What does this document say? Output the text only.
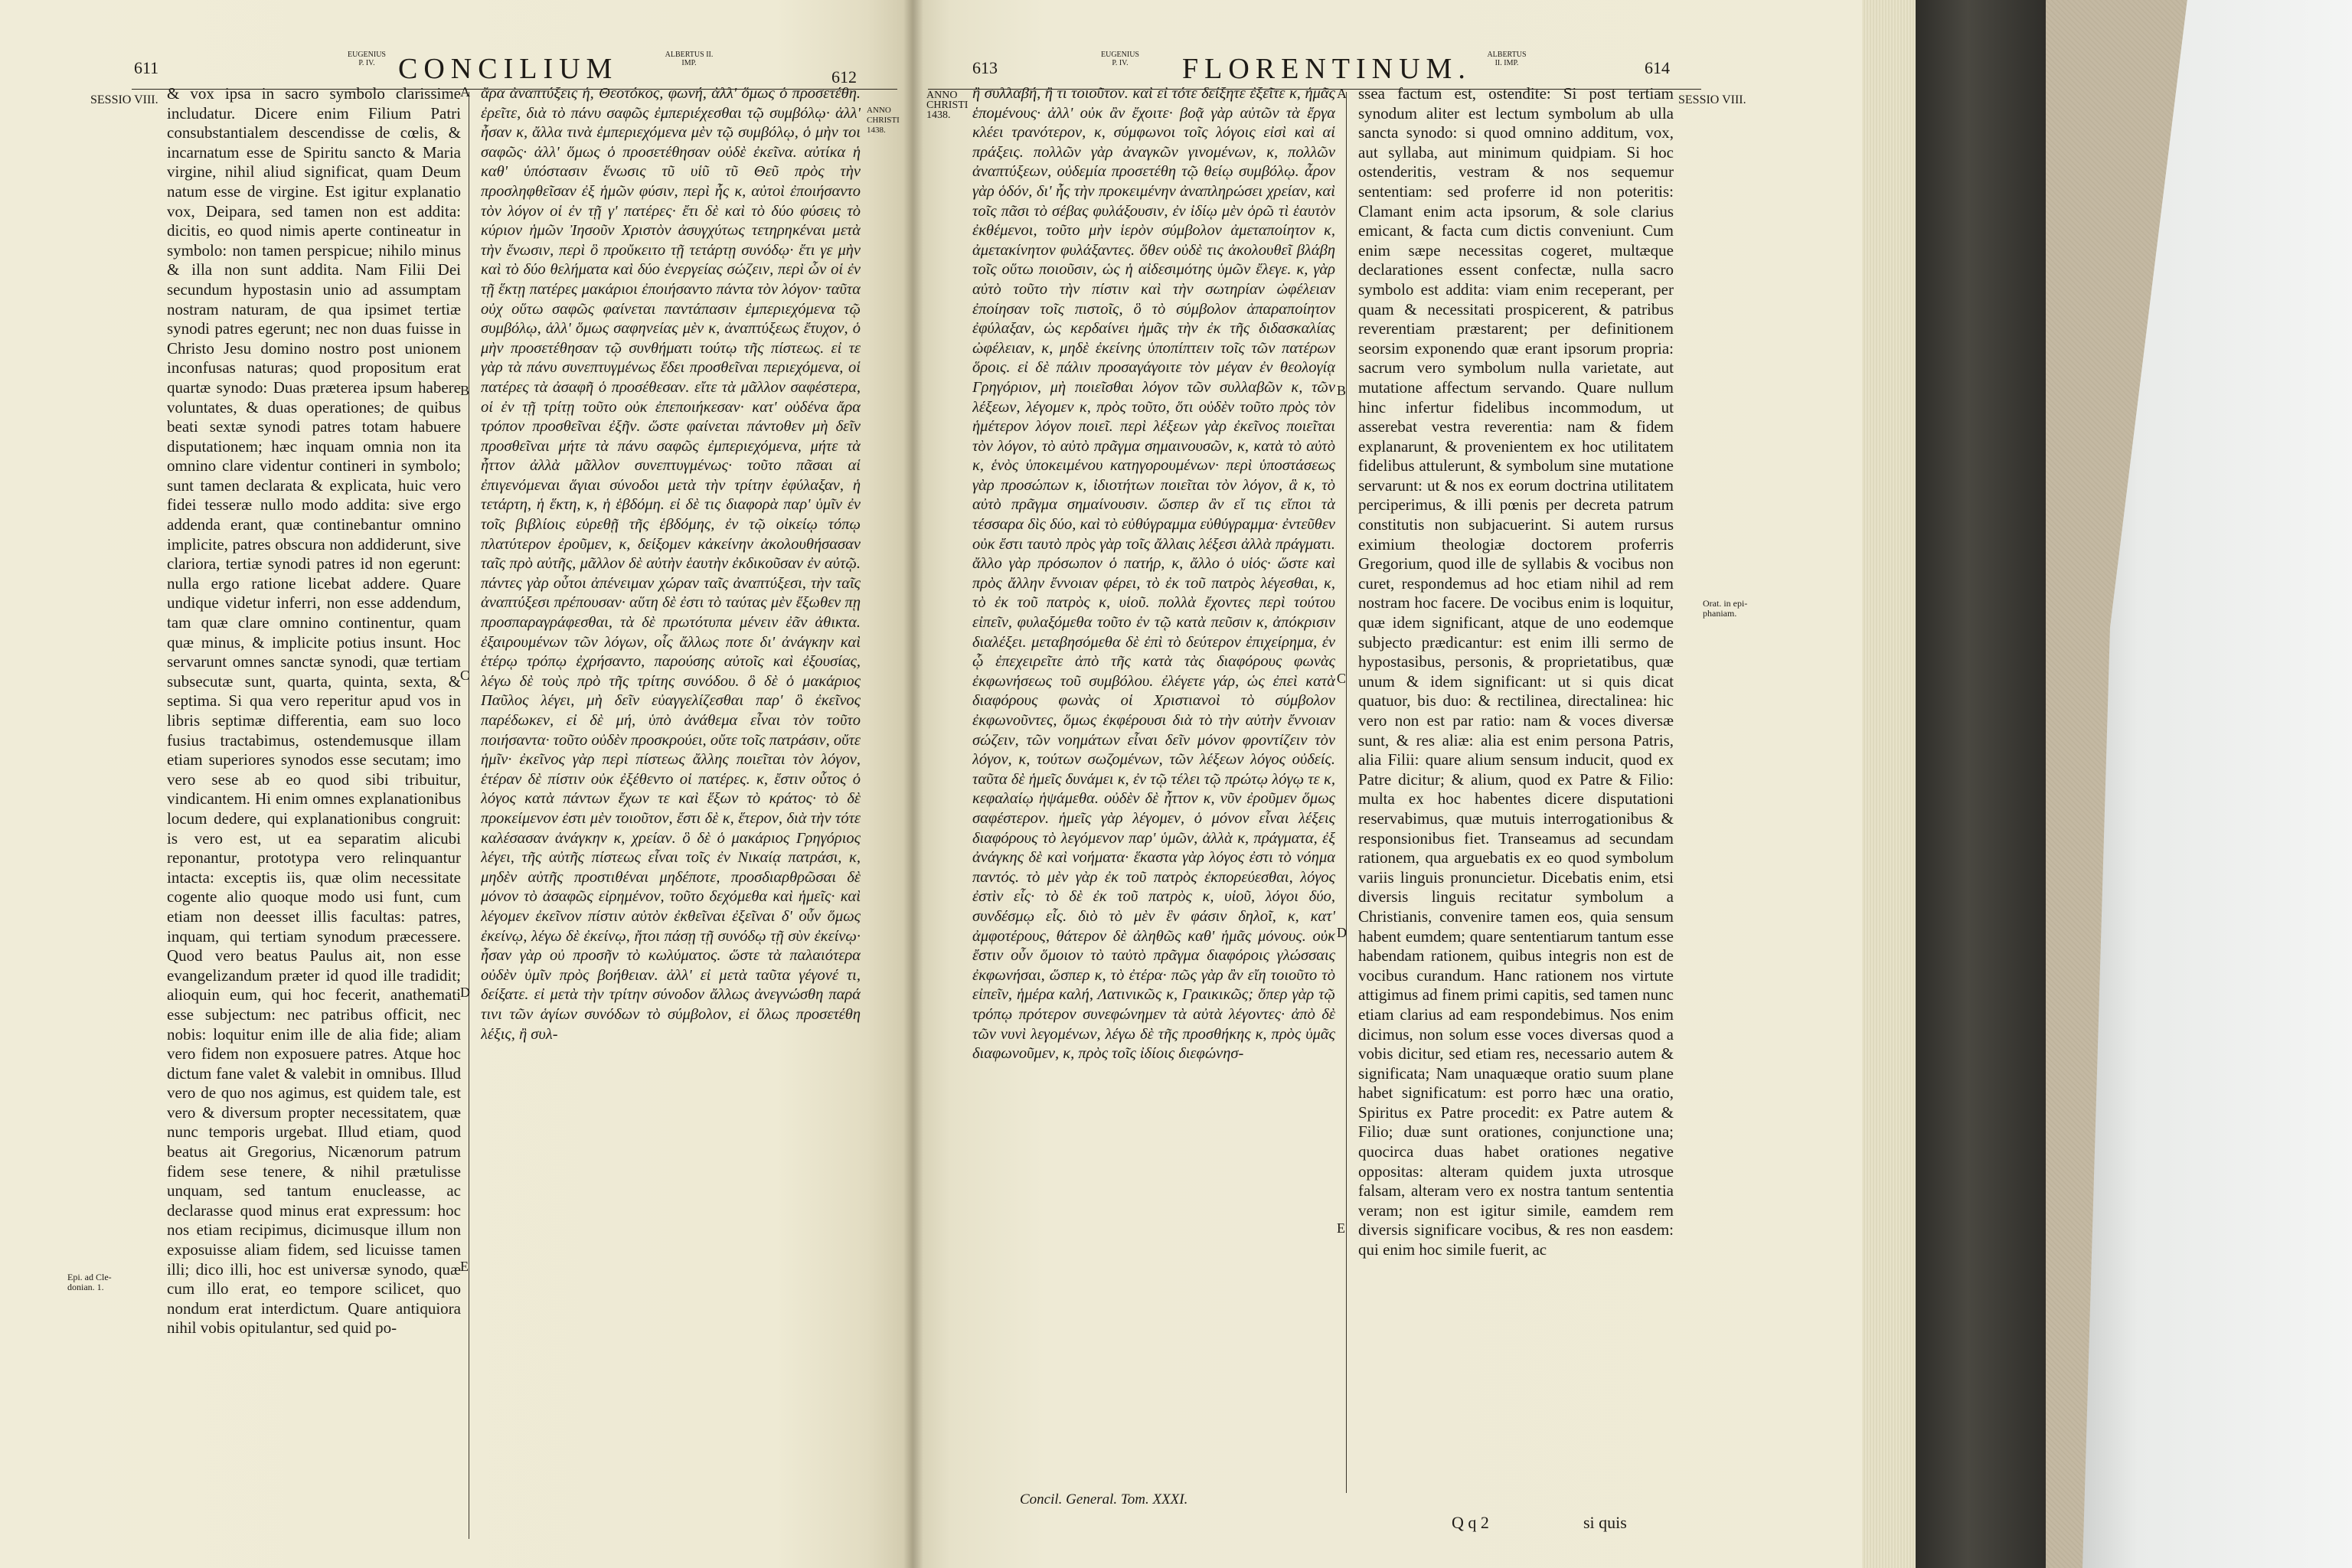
611
EUGENIUS
P. IV. CONCILIUM	ALBERTUS II.
IMP.
612
SESSIO VIII.
Epi. ad Cle-
donian. 1.
ANNO
CHRISTI
1438.

& vox ipsa in sacro symbolo clarissime includatur. Dicere enim Filium Patri consubstantialem descendisse de cœlis, & incarnatum esse de Spiritu sancto & Maria virgine, nihil aliud significat, quam Deum natum esse de virgine. Est igitur explanatio vox, Deipara, sed tamen non est addita: dicitis, eo quod nimis aperte contineatur in symbolo: non tamen perspicue; nihilo minus & illa non sunt addita. Nam Filii Dei secundum hypostasin unio ad assumptam nostram naturam, de qua ipsimet tertiæ synodi patres egerunt; nec non duas fuisse in Christo Jesu domino nostro post unionem inconfusas naturas; quod propositum erat quartæ synodo: Duas præterea ipsum habere voluntates, & duas operationes; de quibus beati sextæ synodi patres totam habuere disputationem; hæc inquam omnia non ita omnino clare videntur contineri in symbolo; sunt tamen declarata & explicata, huic vero fidei tesseræ nullo modo addita: sive ergo addenda erant, quæ continebantur omnino implicite, patres obscura non addiderunt, sive clariora, tertiæ synodi patres id non egerunt: nulla ergo ratione licebat addere. Quare undique videtur inferri, non esse addendum, tam quæ clare omnino continentur, quam quæ minus, & implicite potius insunt. Hoc servarunt omnes sanctæ synodi, quæ tertiam subsecutæ sunt, quarta, quinta, sexta, & septima. Si qua vero reperitur apud vos in libris septimæ differentia, eam suo loco fusius tractabimus, ostendemusque illam etiam superiores synodos esse secutam; imo vero sese ab eo quod sibi tribuitur, vindicantem. Hi enim omnes explanationibus locum dedere, qui explanationibus congruit: is vero est, ut ea separatim alicubi reponantur, prototypa vero relinquantur intacta: exceptis iis, quæ olim necessitate cogente alio quoque modo usi funt, cum etiam non deesset illis facultas: patres, inquam, qui tertiam synodum præcessere. Quod vero beatus Paulus ait, non esse evangelizandum præter id quod ille tradidit; alioquin eum, qui hoc fecerit, anathemati esse subjectum: nec patribus officit, nec nobis: loquitur enim ille de alia fide; aliam vero fidem non exposuere patres. Atque hoc dictum fane valet & valebit in omnibus. Illud vero de quo nos agimus, est quidem tale, est vero & diversum propter necessitatem, quæ nunc temporis urgebat. Illud etiam, quod beatus ait Gregorius, Nicænorum patrum fidem sese tenere, & nihil prætulisse unquam, sed tantum enucleasse, ac declarasse quod minus erat expressum: hoc nos etiam recipimus, dicimusque illum non exposuisse aliam fidem, sed licuisse tamen illi; dico illi, hoc est universæ synodo, quæ cum illo erat, eo tempore scilicet, quo nondum erat interdictum. Quare antiquiora nihil vobis opitulantur, sed quid po-

A
B
C
D
E

ἄρα ἀναπτύξεις ἡ, Θεοτόκος, φωνή, ἀλλ' ὅμως ὁ προσετέθη. ἐρεῖτε, διὰ τὸ πάνυ σαφῶς ἐμπεριέχεσθαι τῷ συμβόλῳ· ἀλλ' ἦσαν κ, ἄλλα τινὰ ἐμπεριεχόμενα μὲν τῷ συμβόλῳ, ὁ μὴν τοι σαφῶς· ἀλλ' ὅμως ὁ προσετέθησαν οὐδὲ ἐκεῖνα. αὐτίκα ἡ καθ' ὑπόστασιν ἕνωσις τῦ υἱῦ τῦ Θεῦ πρὸς τὴν προσληφθεῖσαν ἐξ ἡμῶν φύσιν, περὶ ἧς κ, αὐτοὶ ἐποιήσαντο τὸν λόγον οἱ ἐν τῇ γ' πατέρες· ἔτι δὲ καὶ τὸ δύο φύσεις τὸ κύριον ἡμῶν Ἰησοῦν Χριστὸν ἀσυγχύτως τετηρηκέναι μετὰ τὴν ἕνωσιν, περὶ ὃ προὔκειτο τῇ τετάρτῃ συνόδῳ· ἔτι γε μὴν καὶ τὸ δύο θελήματα καὶ δύο ἐνεργείας σώζειν, περὶ ὧν οἱ ἐν τῇ ἕκτῃ πατέρες μακάριοι ἐποιήσαντο πάντα τὸν λόγον· ταῦτα οὐχ οὕτω σαφῶς φαίνεται παντάπασιν ἐμπεριεχόμενα τῷ συμβόλῳ, ἀλλ' ὅμως σαφηνείας μὲν κ, ἀναπτύξεως ἔτυχον, ὁ μὴν προσετέθησαν τῷ συνθήματι τούτῳ τῆς πίστεως. εἰ τε γὰρ τὰ πάνυ συνεπτυγμένως ἔδει προσθεῖναι περιεχόμενα, οἱ πατέρες τὰ ἀσαφῆ ὁ προσέθεσαν. εἴτε τὰ μᾶλλον σαφέστερα, οἱ ἐν τῇ τρίτῃ τοῦτο οὐκ ἐπεποιήκεσαν· κατ' οὐδένα ἄρα τρόπον προσθεῖναι ἐξῆν. ὥστε φαίνεται πάντοθεν μὴ δεῖν προσθεῖναι μήτε τὰ πάνυ σαφῶς ἐμπεριεχόμενα, μήτε τὰ ἧττον ἀλλὰ μᾶλλον συνεπτυγμένως· τοῦτο πᾶσαι αἱ ἐπιγενόμεναι ἅγιαι σύνοδοι μετὰ τὴν τρίτην ἐφύλαξαν, ἡ τετάρτη, ἡ ἕκτη, κ, ἡ ἑβδόμη. εἰ δὲ τις διαφορὰ παρ' ὑμῖν ἐν τοῖς βιβλίοις εὑρεθῇ τῆς ἑβδόμης, ἐν τῷ οἰκείῳ τόπῳ πλατύτερον ἐροῦμεν, κ, δείξομεν κἀκείνην ἀκολουθήσασαν ταῖς πρὸ αὐτῆς, μᾶλλον δὲ αὐτὴν ἑαυτὴν ἐκδικοῦσαν ἐν αὐτῷ. πάντες γὰρ οὗτοι ἀπένειμαν χώραν ταῖς ἀναπτύξεσι, τὴν ταῖς ἀναπτύξεσι πρέπουσαν· αὕτη δὲ ἐστι τὸ ταύτας μὲν ἔξωθεν πῃ προσπαραγράφεσθαι, τὰ δὲ πρωτότυπα μένειν ἐᾶν ἀθικτα. ἐξαιρουμένων τῶν λόγων, οἷς ἄλλως ποτε δι' ἀνάγκην καὶ ἑτέρῳ τρόπῳ ἐχρήσαντο, παρούσης αὐτοῖς καὶ ἐξουσίας, λέγω δὲ τοὺς πρὸ τῆς τρίτης συνόδου. ὃ δὲ ὁ μακάριος Παῦλος λέγει, μὴ δεῖν εὐαγγελίζεσθαι παρ' ὃ ἐκεῖνος παρέδωκεν, εἰ δὲ μή, ὑπὸ ἀνάθεμα εἶναι τὸν τοῦτο ποιήσαντα· τοῦτο οὐδὲν προσκρούει, οὔτε τοῖς πατράσιν, οὔτε ἡμῖν· ἐκεῖνος γὰρ περὶ πίστεως ἄλλης ποιεῖται τὸν λόγον, ἑτέραν δὲ πίστιν οὐκ ἐξέθεντο οἱ πατέρες. κ, ἔστιν οὗτος ὁ λόγος κατὰ πάντων ἔχων τε καὶ ἕξων τὸ κράτος· τὸ δὲ προκείμενον ἐστι μὲν τοιοῦτον, ἔστι δὲ κ, ἕτερον, διὰ τὴν τότε καλέσασαν ἀνάγκην κ, χρείαν. ὃ δὲ ὁ μακάριος Γρηγόριος λέγει, τῆς αὐτῆς πίστεως εἶναι τοῖς ἐν Νικαίᾳ πατράσι, κ, μηδὲν αὐτῆς προστιθέναι μηδέποτε, προσδιαρθρῶσαι δὲ μόνον τὸ ἀσαφῶς εἰρημένον, τοῦτο δεχόμεθα καὶ ἡμεῖς· καὶ λέγομεν ἐκεῖνον πίστιν αὐτὸν ἐκθεῖναι ἐξεῖναι δ' οὖν ὅμως ἐκείνῳ, λέγω δὲ ἐκείνῳ, ἤτοι πάσῃ τῇ συνόδῳ τῇ σὺν ἐκείνῳ· ἦσαν γὰρ οὐ προσῆν τὸ κωλύματος. ὥστε τὰ παλαιότερα οὐδὲν ὑμῖν πρὸς βοήθειαν. ἀλλ' εἰ μετὰ ταῦτα γέγονέ τι, δείξατε. εἰ μετὰ τὴν τρίτην σύνοδον ἄλλως ἀνεγνώσθη παρά τινι τῶν ἁγίων συνόδων τὸ σύμβολον, εἰ ὅλως προσετέθη λέξις, ἢ συλ-

613
EUGENIUS
P. IV.	FLORENTINUM.	ALBERTUS
II. IMP.	614
ANNO
CHRISTI
1438.
SESSIO VIII.
Orat. in epi-
phaniam.

ἢ συλλαβή, ἢ τι τοιοῦτον. καὶ εἰ τότε δείξητε ἐξεῖτε κ, ἡμᾶς ἑπομένους· ἀλλ' οὐκ ἂν ἔχοιτε· βοᾷ γὰρ αὐτῶν τὰ ἔργα κλέει τρανότερον, κ, σύμφωνοι τοῖς λόγοις εἰσὶ καὶ αἱ πράξεις. πολλῶν γὰρ ἀναγκῶν γινομένων, κ, πολλῶν ἀναπτύξεων, οὐδεμία προσετέθη τῷ θείῳ συμβόλῳ. ἆρον γὰρ ὁδόν, δι' ἧς τὴν προκειμένην ἀναπληρώσει χρείαν, καὶ τοῖς πᾶσι τὸ σέβας φυλάξουσιν, ἐν ἰδίῳ μὲν ὁρῶ τὶ ἑαυτὸν ἐκθέμενοι, τοῦτο μὴν ἱερὸν σύμβολον ἀμεταποίητον κ, ἀμετακίνητον φυλάξαντες. ὅθεν οὐδὲ τις ἀκολουθεῖ βλάβη τοῖς οὕτω ποιοῦσιν, ὡς ἡ αἰδεσιμότης ὑμῶν ἔλεγε. κ, γὰρ αὐτὸ τοῦτο τὴν πίστιν καὶ τὴν σωτηρίαν ὠφέλειαν ἐποίησαν τοῖς πιστοῖς, ὃ τὸ σύμβολον ἀπαραποίητον ἐφύλαξαν, ὡς κερδαίνει ἡμᾶς τὴν ἐκ τῆς διδασκαλίας ὠφέλειαν, κ, μηδὲ ἐκείνης ὑποπίπτειν τοῖς τῶν πατέρων ὅροις. εἰ δὲ πάλιν προσαγάγοιτε τὸν μέγαν ἐν θεολογίᾳ Γρηγόριον, μὴ ποιεῖσθαι λόγον τῶν συλλαβῶν κ, τῶν λέξεων, λέγομεν κ, πρὸς τοῦτο, ὅτι οὐδὲν τοῦτο πρὸς τὸν ἡμέτερον λόγον ποιεῖ. περὶ λέξεων γὰρ ἐκεῖνος ποιεῖται τὸν λόγον, τὸ αὐτὸ πρᾶγμα σημαινουσῶν, κ, κατὰ τὸ αὐτὸ κ, ἑνὸς ὑποκειμένου κατηγορουμένων· περὶ ὑποστάσεως γὰρ προσώπων κ, ἰδιοτήτων ποιεῖται τὸν λόγον, ἃ κ, τὸ αὐτὸ πρᾶγμα σημαίνουσιν. ὥσπερ ἂν εἴ τις εἴποι τὰ τέσσαρα δὶς δύο, καὶ τὸ εὐθύγραμμα εὐθύγραμμα· ἐντεῦθεν οὐκ ἔστι ταυτὸ πρὸς γὰρ τοῖς ἄλλαις λέξεσι ἀλλὰ πράγματι. ἄλλο γὰρ πρόσωπον ὁ πατήρ, κ, ἄλλο ὁ υἱός· ὥστε καὶ πρὸς ἄλλην ἔννοιαν φέρει, τὸ ἐκ τοῦ πατρὸς λέγεσθαι, κ, τὸ ἐκ τοῦ πατρὸς κ, υἱοῦ. πολλὰ ἔχοντες περὶ τούτου εἰπεῖν, φυλαξόμεθα τοῦτο ἐν τῷ κατὰ πεῦσιν κ, ἀπόκρισιν διαλέξει. μεταβησόμεθα δὲ ἐπὶ τὸ δεύτερον ἐπιχείρημα, ἐν ᾧ ἐπεχειρεῖτε ἀπὸ τῆς κατὰ τὰς διαφόρους φωνὰς ἐκφωνήσεως τοῦ συμβόλου. ἐλέγετε γάρ, ὡς ἐπεὶ κατὰ διαφόρους φωνὰς οἱ Χριστιανοὶ τὸ σύμβολον ἐκφωνοῦντες, ὅμως ἐκφέρουσι διὰ τὸ τὴν αὐτὴν ἔννοιαν σώζειν, τῶν νοημάτων εἶναι δεῖν μόνον φροντίζειν τὸν λόγον, κ, τούτων σωζομένων, τῶν λέξεων λόγος οὐδείς. ταῦτα δὲ ἡμεῖς δυνάμει κ, ἐν τῷ τέλει τῷ πρώτῳ λόγῳ τε κ, κεφαλαίῳ ἡψάμεθα. οὐδὲν δὲ ἧττον κ, νῦν ἐροῦμεν ὅμως σαφέστερον. ἡμεῖς γὰρ λέγομεν, ὁ μόνον εἶναι λέξεις διαφόρους τὸ λεγόμενον παρ' ὑμῶν, ἀλλὰ κ, πράγματα, ἐξ ἀνάγκης δὲ καὶ νοήματα· ἕκαστα γὰρ λόγος ἐστι τὸ νόημα παντός. τὸ μὲν γὰρ ἐκ τοῦ πατρὸς ἐκπορεύεσθαι, λόγος ἐστὶν εἷς· τὸ δὲ ἐκ τοῦ πατρὸς κ, υἱοῦ, λόγοι δύο, συνδέσμῳ εἷς. διὸ τὸ μὲν ἓν φάσιν δηλοῖ, κ, κατ' ἀμφοτέρους, θάτερον δὲ ἀληθῶς καθ' ἡμᾶς μόνους. οὐκ ἔστιν οὖν ὅμοιον τὸ ταὐτὸ πρᾶγμα διαφόροις γλώσσαις ἐκφωνήσαι, ὥσπερ κ, τὸ ἐτέρα· πῶς γὰρ ἂν εἴη τοιοῦτο τὸ εἰπεῖν, ἡμέρα καλή, Λατινικῶς κ, Γραικικῶς; ὅπερ γὰρ τῷ τρόπῳ πρότερον συνεφώνημεν τὰ αὐτὰ λέγοντες· ἀπὸ δὲ τῶν νυνὶ λεγομένων, λέγω δὲ τῆς προσθήκης κ, πρὸς ὑμᾶς διαφωνοῦμεν, κ, πρὸς τοῖς ἰδίοις διεφώνησ-

A
B
C
D
E

ssea factum est, ostendite: Si post tertiam synodum aliter est lectum symbolum ab ulla sancta synodo: si quod omnino additum, vox, aut syllaba, aut minimum quidpiam. Si hoc ostenderitis, vestram & nos sequemur sententiam: sed proferre id non poteritis: Clamant enim acta ipsorum, & sole clarius emicant, & facta cum dictis conveniunt. Cum enim sæpe necessitas cogeret, multæque declarationes essent confectæ, nulla sacro symbolo est addita: viam enim receperant, per quam & necessitati prospicerent, & patribus reverentiam præstarent; per definitionem seorsim exponendo quæ erant ipsorum propria: sacrum vero symbolum nulla varietate, aut mutatione affectum servando. Quare nullum hinc infertur fidelibus incommodum, ut asserebat vestra reverentia: nam & fidem explanarunt, & provenientem ex hoc utilitatem fidelibus attulerunt, & symbolum sine mutatione servarunt: ut & nos ex eorum doctrina utilitatem perciperimus, & illi pœnis per decreta patrum constitutis non subjacuerint. Si autem rursus eximium theologiæ doctorem proferris Gregorium, quod ille de syllabis & vocibus non curet, respondemus ad hoc etiam nihil ad rem nostram hoc facere. De vocibus enim is loquitur, quæ idem significant, atque de uno eodemque subjecto prædicantur: est enim illi sermo de hypostasibus, personis, & proprietatibus, quæ unum & idem significant: ut si quis dicat quatuor, bis duo: & rectilinea, directalinea: hic vero non est par ratio: nam & voces diversæ sunt, & res aliæ: alia est enim persona Patris, alia Filii: quare alium sensum inducit, quod ex Patre dicitur; & alium, quod ex Patre & Filio: multa ex hoc habentes dicere disputationi reservabimus, quæ mutuis interrogationibus & responsionibus fiet. Transeamus ad secundam rationem, qua arguebatis ex eo quod symbolum variis linguis pronuncietur. Dicebatis enim, etsi diversis linguis recitatur symbolum a Christianis, convenire tamen eos, quia sensum habent eumdem; quare sententiarum tantum esse habendam rationem, quibus integris non est de vocibus curandum. Hanc rationem nos virtute attigimus ad finem primi capitis, sed tamen nunc etiam clarius ad eam respondebimus. Nos enim dicimus, non solum esse voces diversas quod a vobis dicitur, sed etiam res, necessario autem & significata; Nam unaquæque oratio suum plane habet significatum: est porro hæc una oratio, Spiritus ex Patre procedit: ex Patre autem & Filio; duæ sunt orationes, conjunctione una; quocirca duas habet orationes negative oppositas: alteram quidem juxta utrosque falsam, alteram vero ex nostra tantum sententia veram; non est igitur simile, eamdem rem diversis significare vocibus, & res non easdem: qui enim hoc simile fuerit, ac

Concil. General. Tom. XXXI.
Q q 2	si quis
